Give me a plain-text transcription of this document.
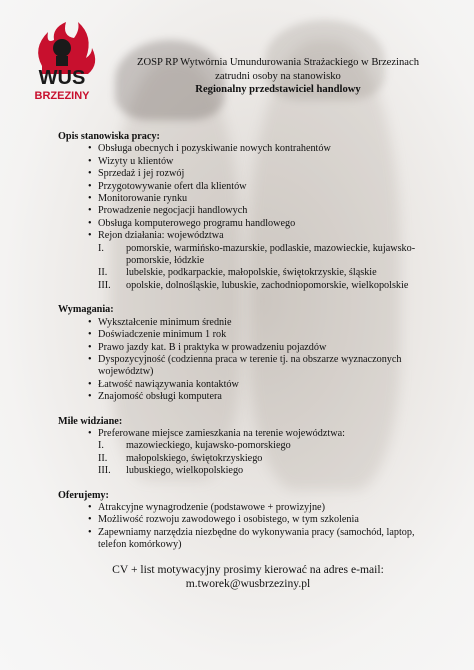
WUS
BRZEZINY
ZOSP RP Wytwórnia Umundurowania Strażackiego w Brzezinach
zatrudni osoby na stanowisko
Regionalny przedstawiciel handlowy
Opis stanowiska pracy:
• Obsługa obecnych i pozyskiwanie nowych kontrahentów
• Wizyty u klientów
• Sprzedaż i jej rozwój
• Przygotowywanie ofert dla klientów
• Monitorowanie rynku
• Prowadzenie negocjacji handlowych
• Obsługa komputerowego programu handlowego
• Rejon działania: województwa
I. pomorskie, warmińsko-mazurskie, podlaskie, mazowieckie, kujawsko-pomorskie, łódzkie
II. lubelskie, podkarpackie, małopolskie, świętokrzyskie, śląskie
III. opolskie, dolnośląskie, lubuskie, zachodniopomorskie, wielkopolskie
Wymagania:
• Wykształcenie minimum średnie
• Doświadczenie minimum 1 rok
• Prawo jazdy kat. B i praktyka w prowadzeniu pojazdów
• Dyspozycyjność (codzienna praca w terenie tj. na obszarze wyznaczonych województw)
• Łatwość nawiązywania kontaktów
• Znajomość obsługi komputera
Miłe widziane:
• Preferowane miejsce zamieszkania na terenie województwa:
I. mazowieckiego, kujawsko-pomorskiego
II. małopolskiego, świętokrzyskiego
III. lubuskiego, wielkopolskiego
Oferujemy:
• Atrakcyjne wynagrodzenie (podstawowe + prowizyjne)
• Możliwość rozwoju zawodowego i osobistego, w tym szkolenia
• Zapewniamy narzędzia niezbędne do wykonywania pracy (samochód, laptop, telefon komórkowy)
CV + list motywacyjny prosimy kierować na adres e-mail:
m.tworek@wusbrzeziny.pl
